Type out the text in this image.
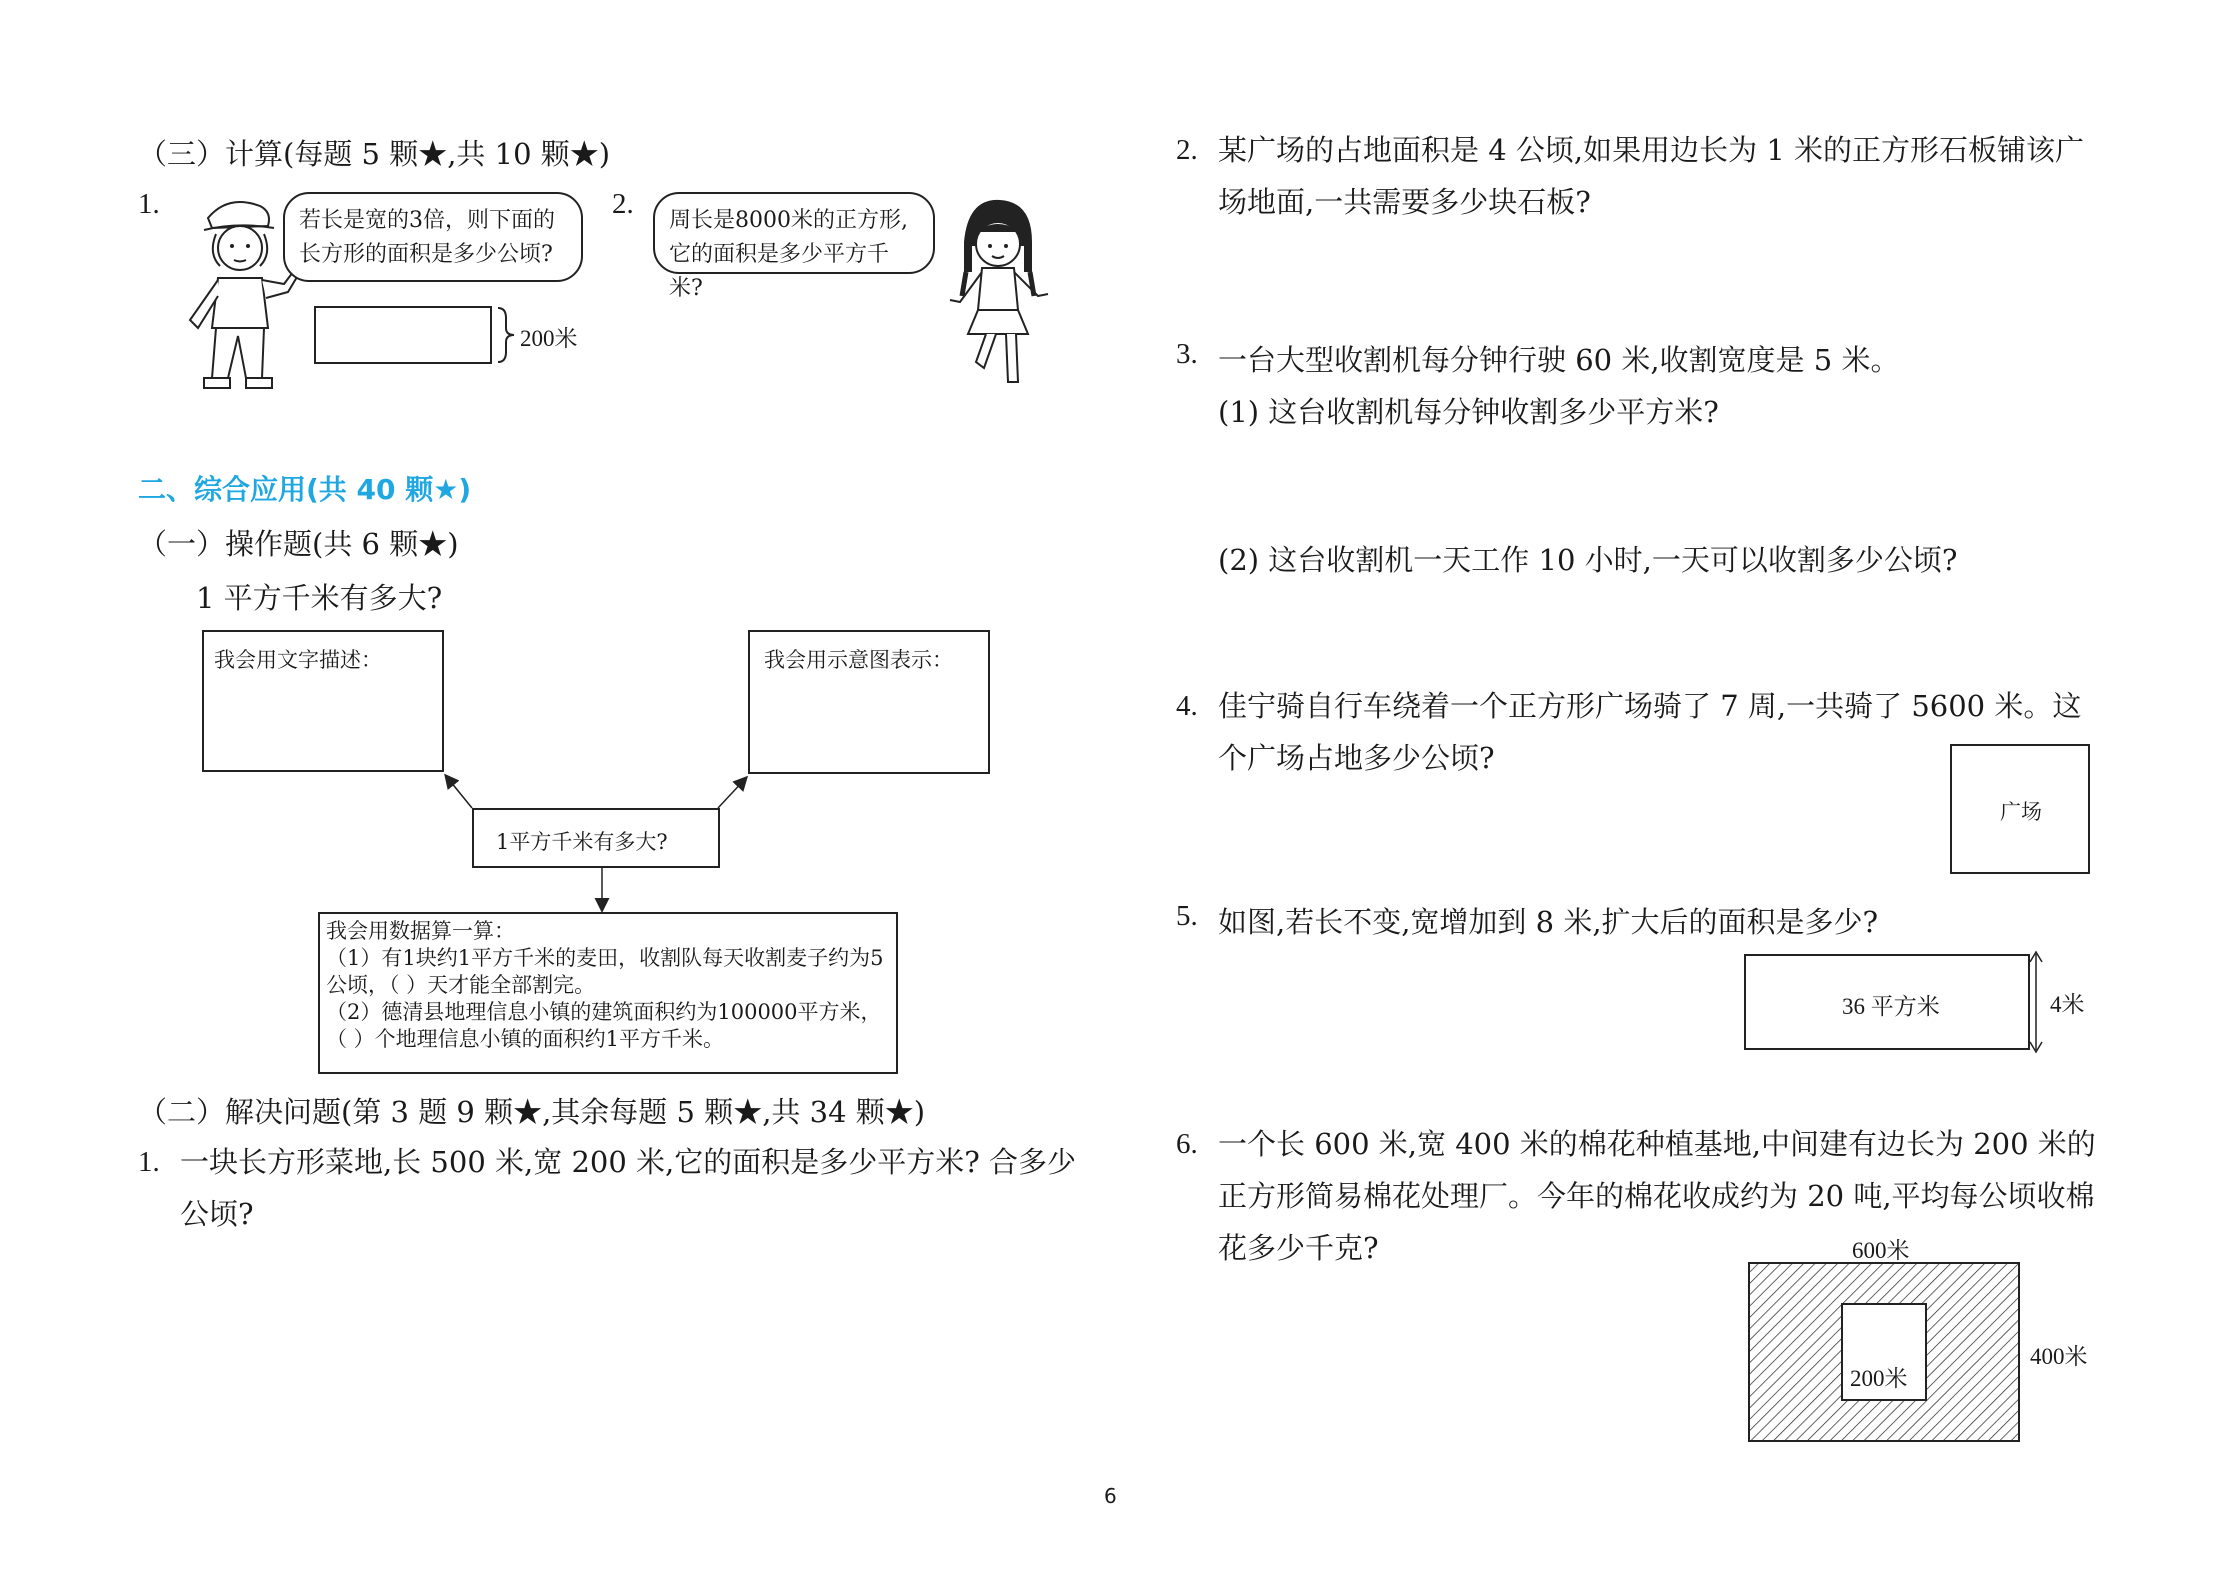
（三）计算(每题 5 颗★,共 10 颗★)
1.
若长是宽的3倍，则下面的长方形的面积是多少公顷?
200米
2.
周长是8000米的正方形,它的面积是多少平方千米?
二、综合应用(共 40 颗★)
（一）操作题(共 6 颗★)
1 平方千米有多大?
我会用文字描述：	我会用示意图表示：
1平方千米有多大?
我会用数据算一算：
（1）有1块约1平方千米的麦田，收割队每天收割麦子约为5公顷，（ ）天才能全部割完。
（2）德清县地理信息小镇的建筑面积约为100000平方米，（ ）个地理信息小镇的面积约1平方千米。
（二）解决问题(第 3 题 9 颗★,其余每题 5 颗★,共 34 颗★)
1. 一块长方形菜地,长 500 米,宽 200 米,它的面积是多少平方米? 合多少公顷?
2. 某广场的占地面积是 4 公顷,如果用边长为 1 米的正方形石板铺该广场地面,一共需要多少块石板?
3. 一台大型收割机每分钟行驶 60 米,收割宽度是 5 米。
(1) 这台收割机每分钟收割多少平方米?
(2) 这台收割机一天工作 10 小时,一天可以收割多少公顷?
4. 佳宁骑自行车绕着一个正方形广场骑了 7 周,一共骑了 5600 米。这个广场占地多少公顷?
广场
5. 如图,若长不变,宽增加到 8 米,扩大后的面积是多少?
36 平方米	4米
6. 一个长 600 米,宽 400 米的棉花种植基地,中间建有边长为 200 米的正方形简易棉花处理厂。今年的棉花收成约为 20 吨,平均每公顷收棉花多少千克?	600米
200米
400米
6
